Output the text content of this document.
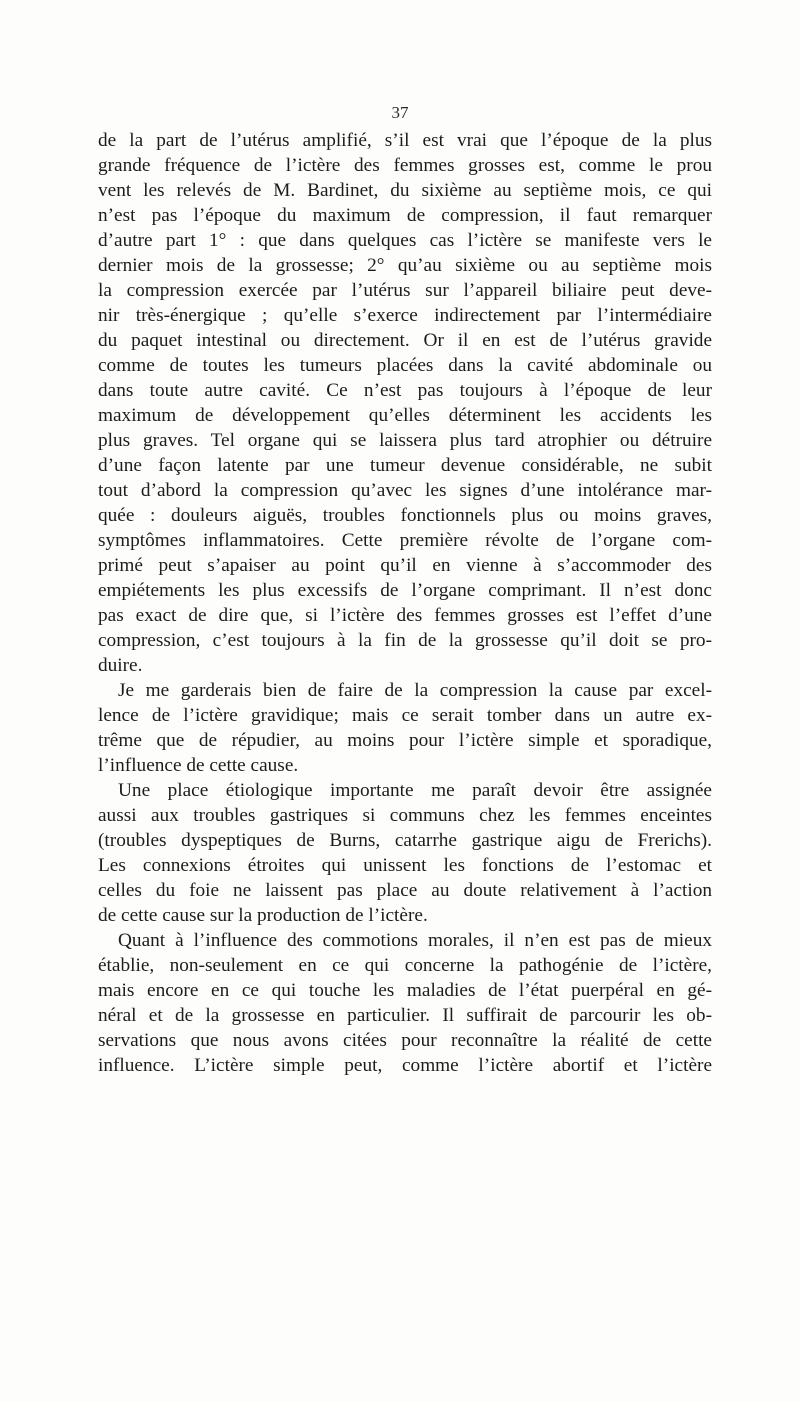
37
de la part de l’utérus amplifié, s’il est vrai que l’époque de la plus
grande fréquence de l’ictère des femmes grosses est, comme le prou
vent les relevés de M. Bardinet, du sixième au septième mois, ce qui
n’est pas l’époque du maximum de compression, il faut remarquer
d’autre part 1° : que dans quelques cas l’ictère se manifeste vers le
dernier mois de la grossesse; 2° qu’au sixième ou au septième mois
la compression exercée par l’utérus sur l’appareil biliaire peut deve-
nir très-énergique ; qu’elle s’exerce indirectement par l’intermédiaire
du paquet intestinal ou directement. Or il en est de l’utérus gravide
comme de toutes les tumeurs placées dans la cavité abdominale ou
dans toute autre cavité. Ce n’est pas toujours à l’époque de leur
maximum de développement qu’elles déterminent les accidents les
plus graves. Tel organe qui se laissera plus tard atrophier ou détruire
d’une façon latente par une tumeur devenue considérable, ne subit
tout d’abord la compression qu’avec les signes d’une intolérance mar-
quée : douleurs aiguës, troubles fonctionnels plus ou moins graves,
symptômes inflammatoires. Cette première révolte de l’organe com-
primé peut s’apaiser au point qu’il en vienne à s’accommoder des
empiétements les plus excessifs de l’organe comprimant. Il n’est donc
pas exact de dire que, si l’ictère des femmes grosses est l’effet d’une
compression, c’est toujours à la fin de la grossesse qu’il doit se pro-
duire.
Je me garderais bien de faire de la compression la cause par excel-
lence de l’ictère gravidique; mais ce serait tomber dans un autre ex-
trême que de répudier, au moins pour l’ictère simple et sporadique,
l’influence de cette cause.
Une place étiologique importante me paraît devoir être assignée
aussi aux troubles gastriques si communs chez les femmes enceintes
(troubles dyspeptiques de Burns, catarrhe gastrique aigu de Frerichs).
Les connexions étroites qui unissent les fonctions de l’estomac et
celles du foie ne laissent pas place au doute relativement à l’action
de cette cause sur la production de l’ictère.
Quant à l’influence des commotions morales, il n’en est pas de mieux
établie, non-seulement en ce qui concerne la pathogénie de l’ictère,
mais encore en ce qui touche les maladies de l’état puerpéral en gé-
néral et de la grossesse en particulier. Il suffirait de parcourir les ob-
servations que nous avons citées pour reconnaître la réalité de cette
influence. L’ictère simple peut, comme l’ictère abortif et l’ictère
